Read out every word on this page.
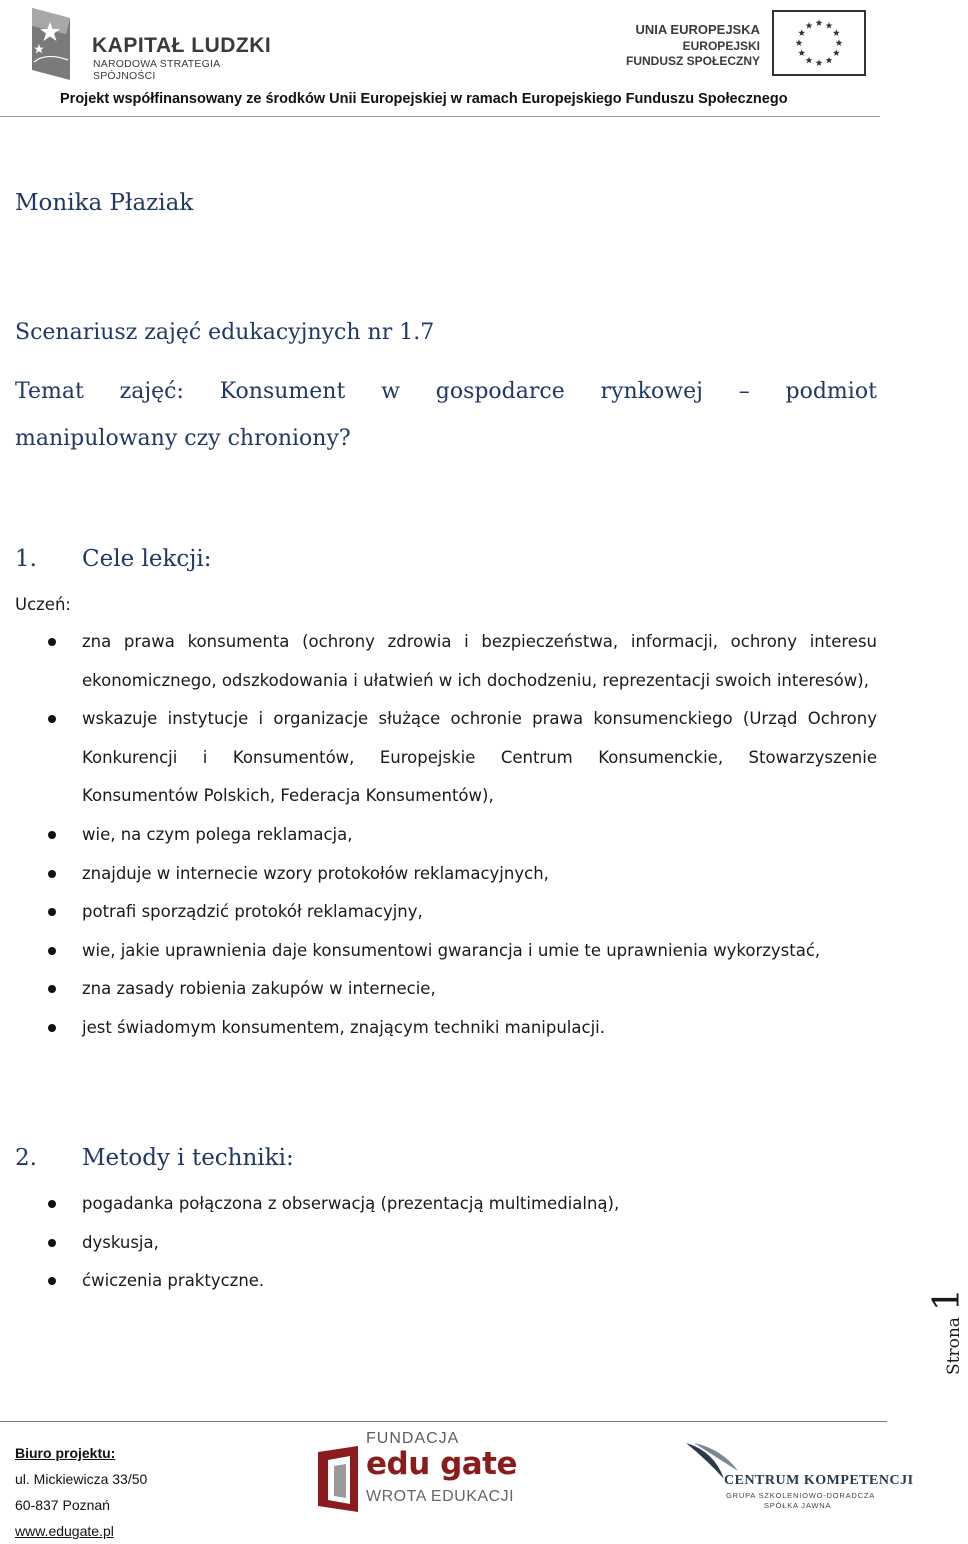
KAPITAŁ LUDZKI
NARODOWA STRATEGIA SPÓJNOŚCI
UNIA EUROPEJSKA
EUROPEJSKI
FUNDUSZ SPOŁECZNY
Projekt współfinansowany ze środków Unii Europejskiej w ramach Europejskiego Funduszu Społecznego
Monika Płaziak
Scenariusz zajęć edukacyjnych nr 1.7
Temat zajęć: Konsument w gospodarce rynkowej – podmiot
manipulowany czy chroniony?
1. Cele lekcji:
Uczeń:
zna prawa konsumenta (ochrony zdrowia i bezpieczeństwa, informacji, ochrony interesu ekonomicznego, odszkodowania i ułatwień w ich dochodzeniu, reprezentacji swoich interesów),
wskazuje instytucje i organizacje służące ochronie prawa konsumenckiego (Urząd Ochrony Konkurencji i Konsumentów, Europejskie Centrum Konsumenckie, Stowarzyszenie Konsumentów Polskich, Federacja Konsumentów),
wie, na czym polega reklamacja,
znajduje w internecie wzory protokołów reklamacyjnych,
potrafi sporządzić protokół reklamacyjny,
wie, jakie uprawnienia daje konsumentowi gwarancja i umie te uprawnienia wykorzystać,
zna zasady robienia zakupów w internecie,
jest świadomym konsumentem, znającym techniki manipulacji.
2. Metody i techniki:
pogadanka połączona z obserwacją (prezentacją multimedialną),
dyskusja,
ćwiczenia praktyczne.
Strona1
Biuro projektu:
ul. Mickiewicza 33/50
60-837 Poznań
www.edugate.pl
FUNDACJA
edu gate
WROTA EDUKACJI
CENTRUM KOMPETENCJI
GRUPA SZKOLENIOWO-DORADCZA
SPÓŁKA JAWNA
